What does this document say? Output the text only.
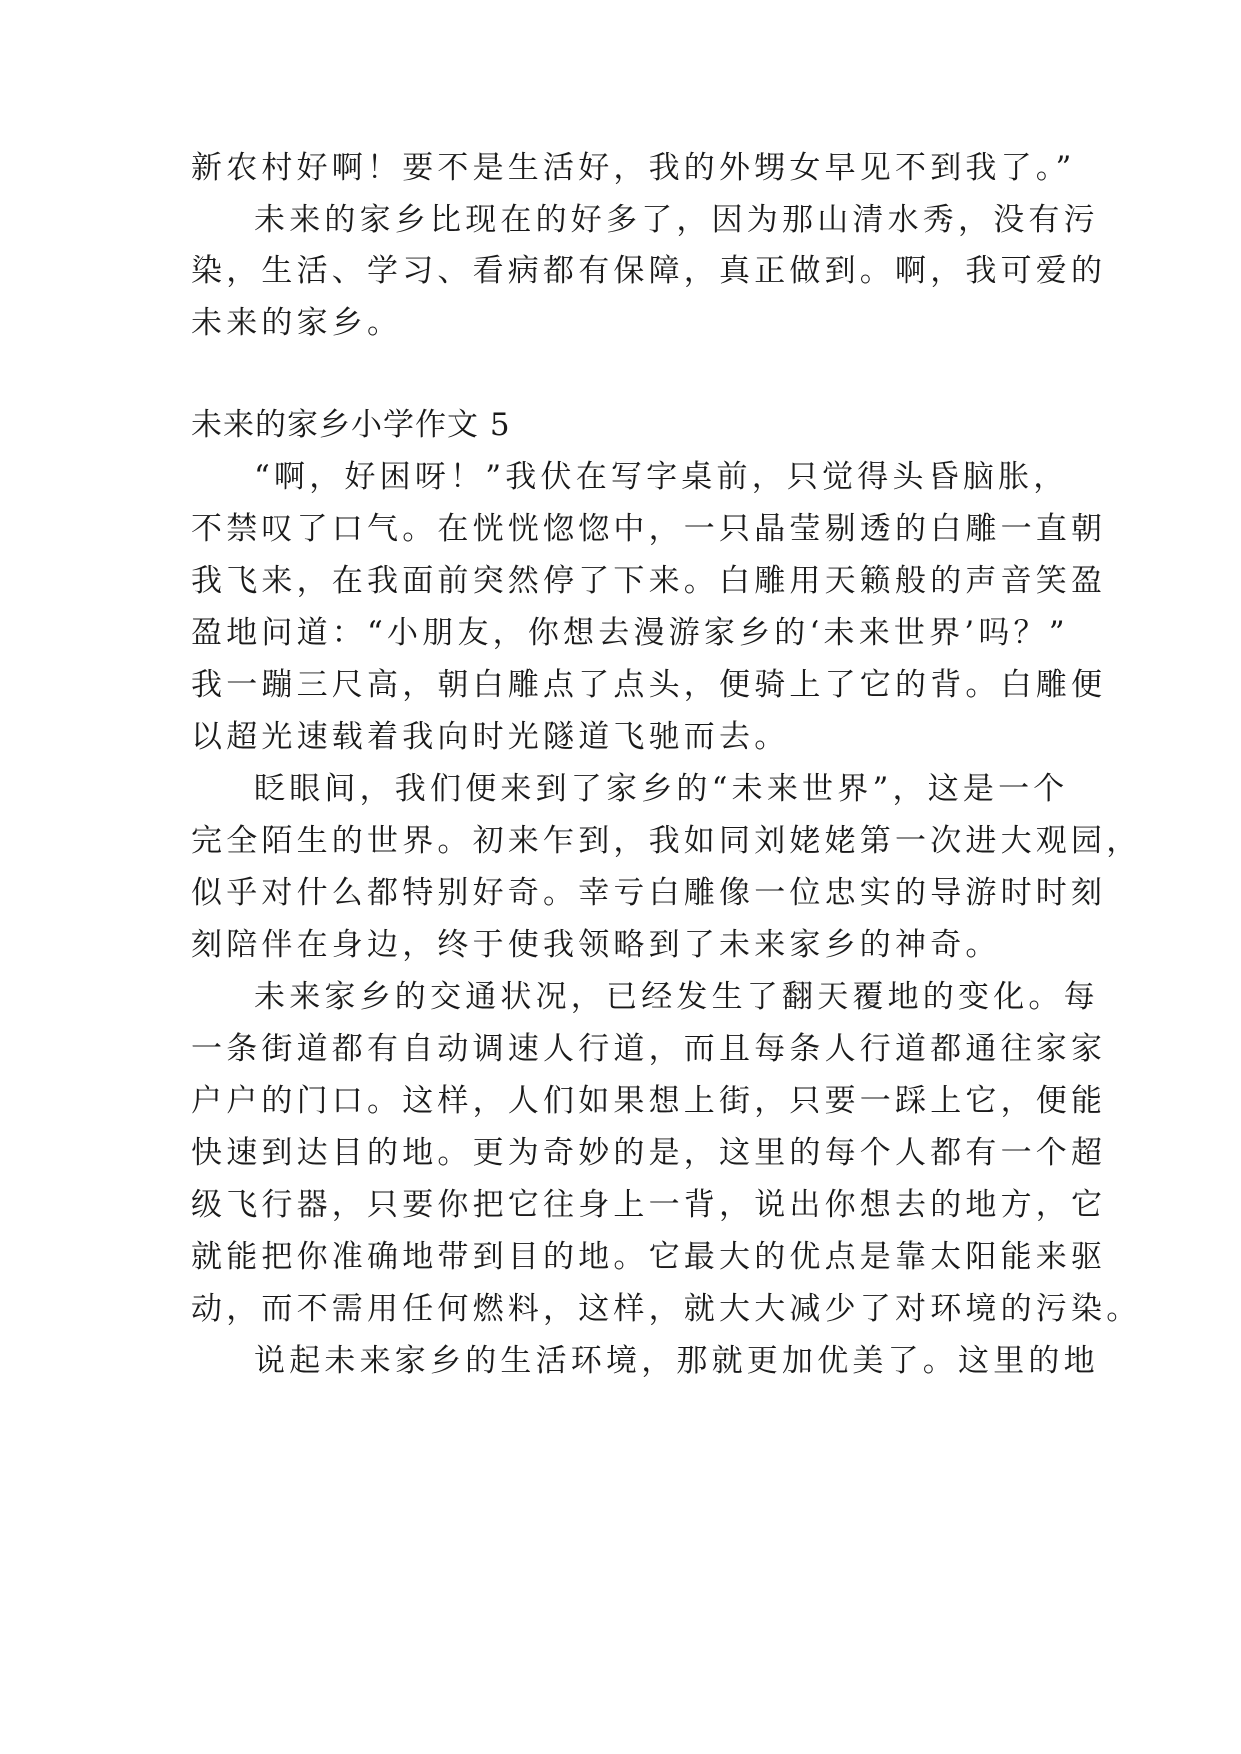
新农村好啊！要不是生活好，我的外甥女早见不到我了。”
未来的家乡比现在的好多了，因为那山清水秀，没有污
染，生活、学习、看病都有保障，真正做到。啊，我可爱的
未来的家乡。
未来的家乡小学作文 5
“啊，好困呀！”我伏在写字桌前，只觉得头昏脑胀，
不禁叹了口气。在恍恍惚惚中，一只晶莹剔透的白雕一直朝
我飞来，在我面前突然停了下来。白雕用天籁般的声音笑盈
盈地问道：“小朋友，你想去漫游家乡的‘未来世界’吗？”
我一蹦三尺高，朝白雕点了点头，便骑上了它的背。白雕便
以超光速载着我向时光隧道飞驰而去。
眨眼间，我们便来到了家乡的“未来世界”，这是一个
完全陌生的世界。初来乍到，我如同刘姥姥第一次进大观园，
似乎对什么都特别好奇。幸亏白雕像一位忠实的导游时时刻
刻陪伴在身边，终于使我领略到了未来家乡的神奇。
未来家乡的交通状况，已经发生了翻天覆地的变化。每
一条街道都有自动调速人行道，而且每条人行道都通往家家
户户的门口。这样，人们如果想上街，只要一踩上它，便能
快速到达目的地。更为奇妙的是，这里的每个人都有一个超
级飞行器，只要你把它往身上一背，说出你想去的地方，它
就能把你准确地带到目的地。它最大的优点是靠太阳能来驱
动，而不需用任何燃料，这样，就大大减少了对环境的污染。
说起未来家乡的生活环境，那就更加优美了。这里的地
